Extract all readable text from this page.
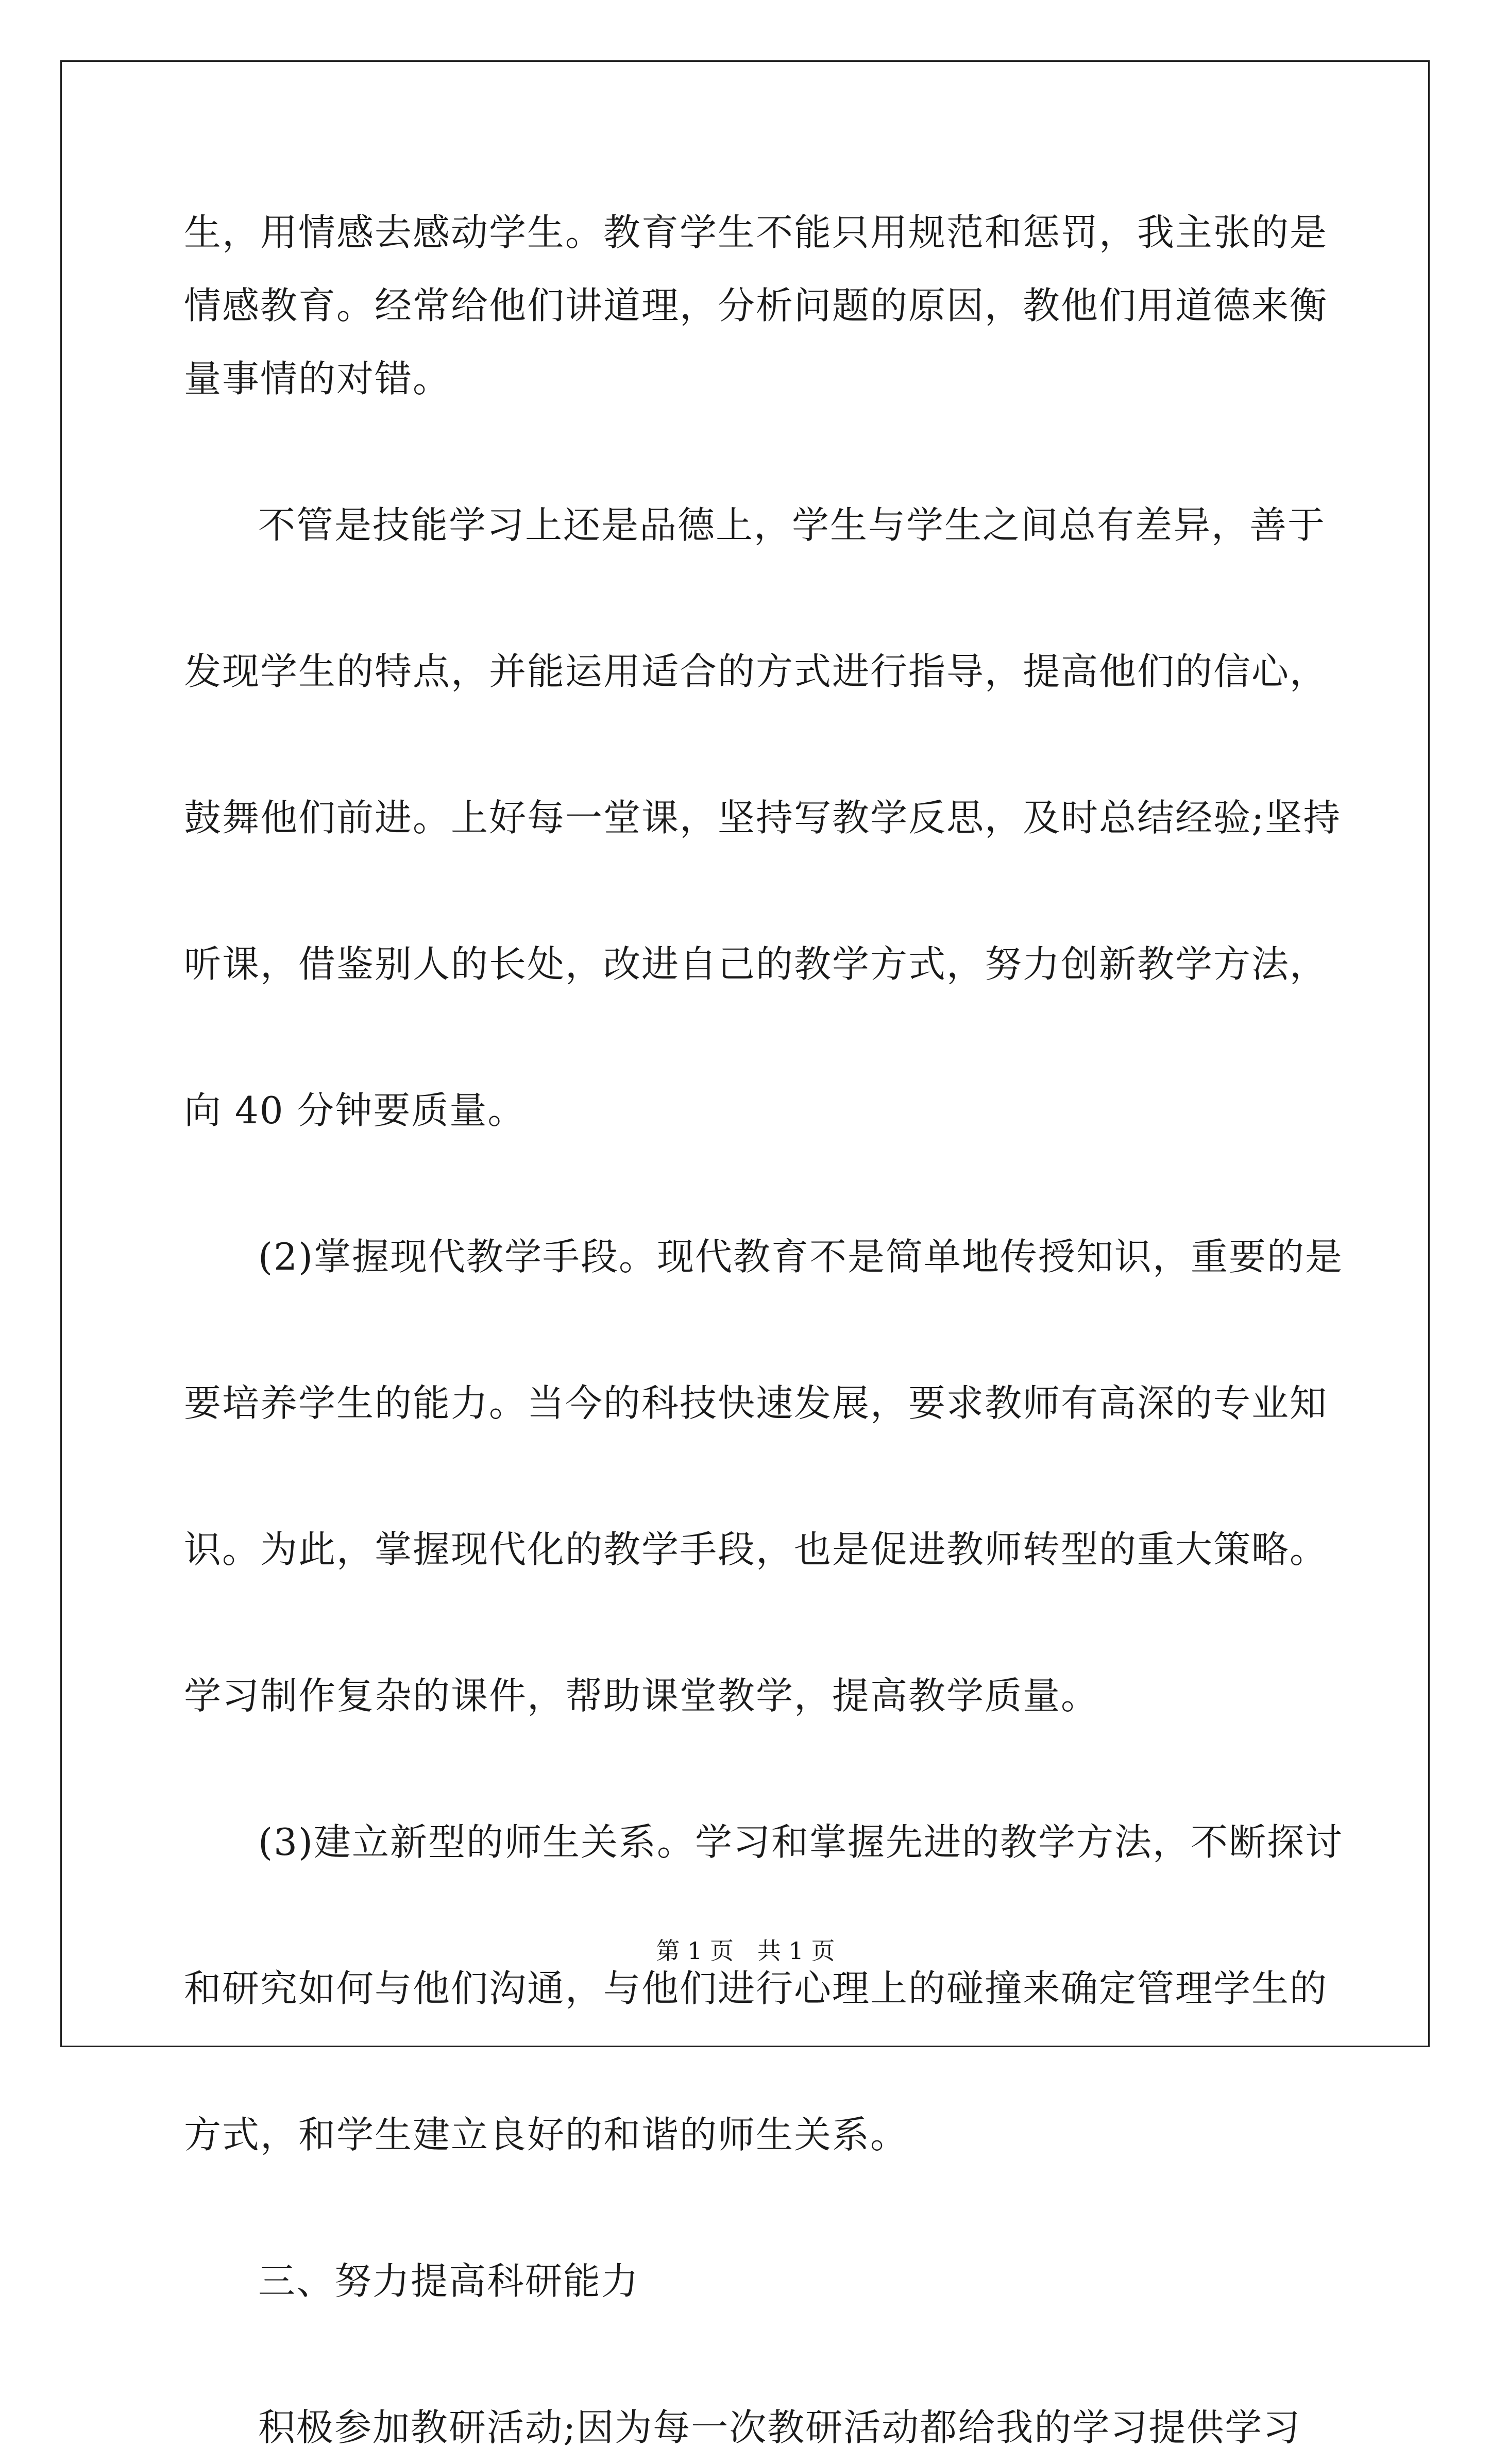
生，用情感去感动学生。教育学生不能只用规范和惩罚，我主张的是
情感教育。经常给他们讲道理，分析问题的原因，教他们用道德来衡
量事情的对错。
不管是技能学习上还是品德上，学生与学生之间总有差异，善于
发现学生的特点，并能运用适合的方式进行指导，提高他们的信心，
鼓舞他们前进。上好每一堂课，坚持写教学反思，及时总结经验;坚持
听课，借鉴别人的长处，改进自己的教学方式，努力创新教学方法，
向 40 分钟要质量。
(2)掌握现代教学手段。现代教育不是简单地传授知识，重要的是
要培养学生的能力。当今的科技快速发展，要求教师有高深的专业知
识。为此，掌握现代化的教学手段，也是促进教师转型的重大策略。
学习制作复杂的课件，帮助课堂教学，提高教学质量。
(3)建立新型的师生关系。学习和掌握先进的教学方法，不断探讨
和研究如何与他们沟通，与他们进行心理上的碰撞来确定管理学生的
方式，和学生建立良好的和谐的师生关系。
三、努力提高科研能力
积极参加教研活动;因为每一次教研活动都给我的学习提供学习
第 1 页　共 1 页
